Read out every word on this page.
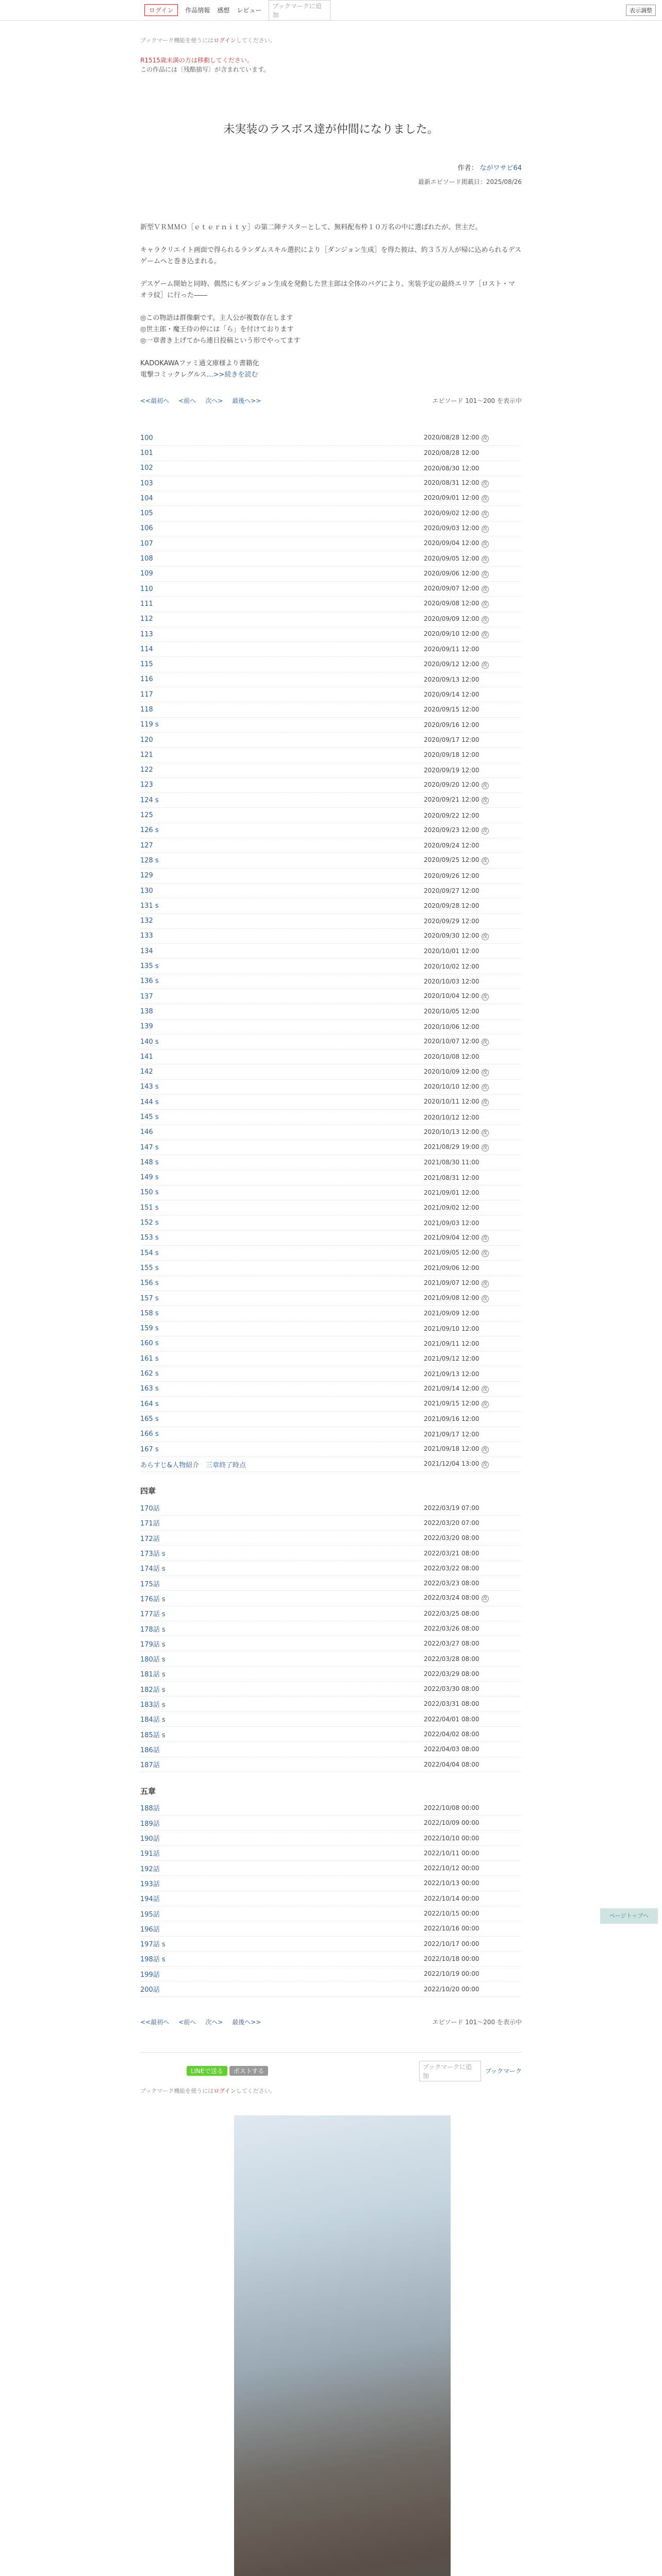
ログイン	作品情報 感想 レビュー
ブックマークに追加
表示調整
ブックマーク機能を使うにはログインしてください。
R1515歳未満の方は移動してください。
この作品には〔残酷描写〕が含まれています。
未実装のラスボス達が仲間になりました。
作者： ながワサビ64
最新エピソード掲載日：2025/08/26

新型ＶＲＭＭＯ［ｅｔｅｒｎｉｔｙ］の第二陣テスターとして、無料配布枠１０万名の中に選ばれたが、世主だ。

キャラクリエイト画面で得られるランダムスキル選択により［ダンジョン生成］を得た彼は、約３５万人が帰に込められるデスゲームへと巻き込まれる。

デスゲーム開始と同時、偶然にもダンジョン生成を発動した世主郎は全体のバグにより、実装予定の最終エリア［ロスト・マオラ紋］に行った――

◎この物語は群像劇です。主人公が複数存在します
◎世主郎・魔王侍の仲には「ら」を付けております
◎一章書き上げてから連日投稿という形でやってます

KADOKAWAファミ通文庫様より書籍化
電撃コミックレグルス…>>続きを読む

<<最初へ <前へ 次へ> 最後へ>>	エピソード 101～200 を表示中
100	2020/08/28 12:00 改
101	2020/08/28 12:00
102	2020/08/30 12:00
103	2020/08/31 12:00 改
104	2020/09/01 12:00 改
105	2020/09/02 12:00 改
106	2020/09/03 12:00 改
107	2020/09/04 12:00 改
108	2020/09/05 12:00 改
109	2020/09/06 12:00 改
110	2020/09/07 12:00 改
111	2020/09/08 12:00 改
112	2020/09/09 12:00 改
113	2020/09/10 12:00 改
114	2020/09/11 12:00
115	2020/09/12 12:00 改
116	2020/09/13 12:00
117	2020/09/14 12:00
118	2020/09/15 12:00
119 s	2020/09/16 12:00
120	2020/09/17 12:00
121	2020/09/18 12:00
122	2020/09/19 12:00
123	2020/09/20 12:00 改
124 s	2020/09/21 12:00 改
125	2020/09/22 12:00
126 s	2020/09/23 12:00 改
127	2020/09/24 12:00
128 s	2020/09/25 12:00 改
129	2020/09/26 12:00
130	2020/09/27 12:00
131 s	2020/09/28 12:00
132	2020/09/29 12:00
133	2020/09/30 12:00 改
134	2020/10/01 12:00
135 s	2020/10/02 12:00
136 s	2020/10/03 12:00
137	2020/10/04 12:00 改
138	2020/10/05 12:00
139	2020/10/06 12:00
140 s	2020/10/07 12:00 改
141	2020/10/08 12:00
142	2020/10/09 12:00 改
143 s	2020/10/10 12:00 改
144 s	2020/10/11 12:00 改
145 s	2020/10/12 12:00
146	2020/10/13 12:00 改
147 s	2021/08/29 19:00 改
148 s	2021/08/30 11:00
149 s	2021/08/31 12:00
150 s	2021/09/01 12:00
151 s	2021/09/02 12:00
152 s	2021/09/03 12:00
153 s	2021/09/04 12:00 改
154 s	2021/09/05 12:00 改
155 s	2021/09/06 12:00
156 s	2021/09/07 12:00 改
157 s	2021/09/08 12:00 改
158 s	2021/09/09 12:00
159 s	2021/09/10 12:00
160 s	2021/09/11 12:00
161 s	2021/09/12 12:00
162 s	2021/09/13 12:00
163 s	2021/09/14 12:00 改
164 s	2021/09/15 12:00 改
165 s	2021/09/16 12:00
166 s	2021/09/17 12:00
167 s	2021/09/18 12:00 改
あらすじ&人物紹介　三章終了時点	2021/12/04 13:00 改
四章
170話	2022/03/19 07:00
171話	2022/03/20 07:00
172話	2022/03/20 08:00
173話 s	2022/03/21 08:00
174話 s	2022/03/22 08:00
175話	2022/03/23 08:00
176話 s	2022/03/24 08:00 改
177話 s	2022/03/25 08:00
178話 s	2022/03/26 08:00
179話 s	2022/03/27 08:00
180話 s	2022/03/28 08:00
181話 s	2022/03/29 08:00
182話 s	2022/03/30 08:00
183話 s	2022/03/31 08:00
184話 s	2022/04/01 08:00
185話 s	2022/04/02 08:00
186話	2022/04/03 08:00
187話	2022/04/04 08:00
五章
188話	2022/10/08 00:00
189話	2022/10/09 00:00
190話	2022/10/10 00:00
191話	2022/10/11 00:00
192話	2022/10/12 00:00
193話	2022/10/13 00:00
194話	2022/10/14 00:00
195話	2022/10/15 00:00
196話	2022/10/16 00:00
197話 s	2022/10/17 00:00
198話 s	2022/10/18 00:00
199話	2022/10/19 00:00
200話	2022/10/20 00:00
<<最初へ <前へ 次へ> 最後へ>>	エピソード 101～200 を表示中
LINEで送る	ポストする
ブックマークに追加
ブックマーク
ブックマーク機能を使うにはログインしてください。
ページトップへ
